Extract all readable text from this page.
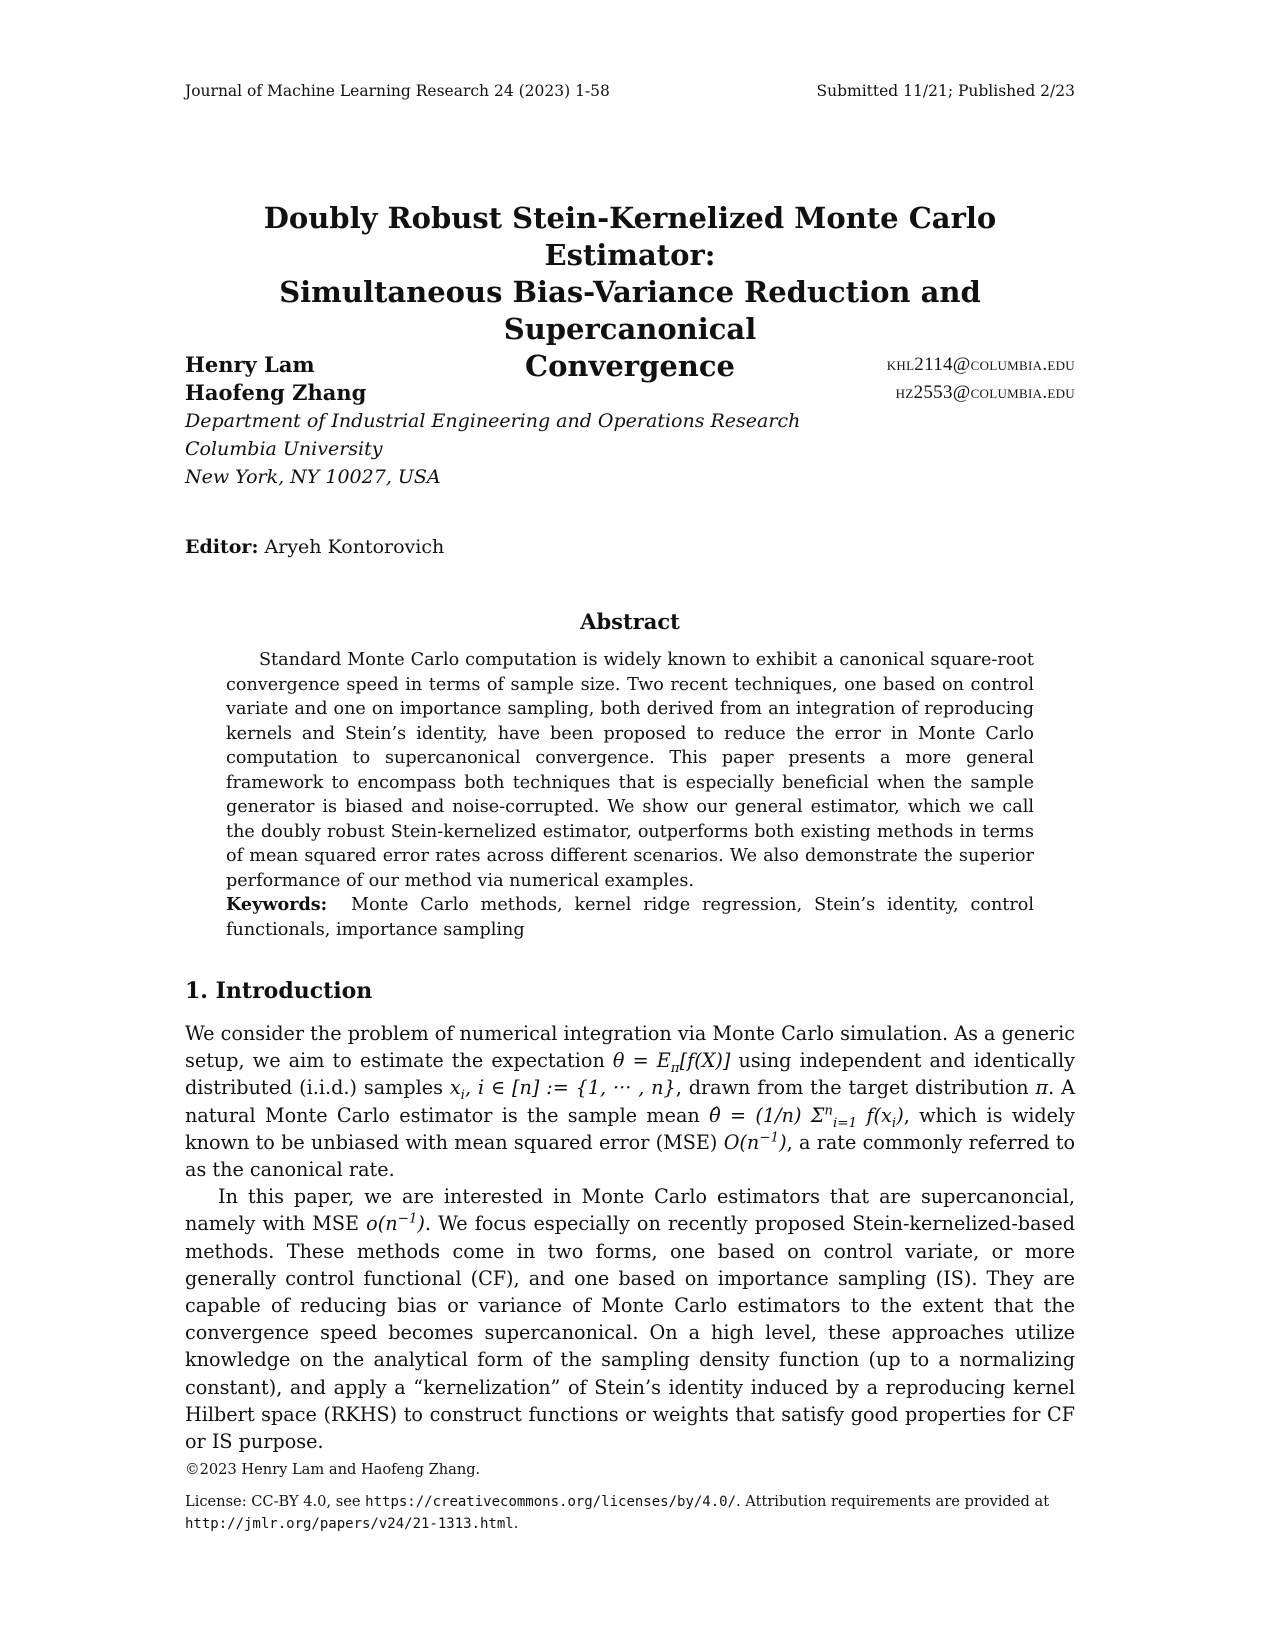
Journal of Machine Learning Research 24 (2023) 1-58	Submitted 11/21; Published 2/23
Doubly Robust Stein-Kernelized Monte Carlo Estimator:
Simultaneous Bias-Variance Reduction and Supercanonical
Convergence
Henry Lam	khl2114@columbia.edu
Haofeng Zhang	hz2553@columbia.edu
Department of Industrial Engineering and Operations Research
Columbia University
New York, NY 10027, USA
Editor: Aryeh Kontorovich
Abstract

Standard Monte Carlo computation is widely known to exhibit a canonical square-root convergence speed in terms of sample size. Two recent techniques, one based on control variate and one on importance sampling, both derived from an integration of reproducing kernels and Stein’s identity, have been proposed to reduce the error in Monte Carlo computation to supercanonical convergence. This paper presents a more general framework to encompass both techniques that is especially beneficial when the sample generator is biased and noise-corrupted. We show our general estimator, which we call the doubly robust Stein-kernelized estimator, outperforms both existing methods in terms of mean squared error rates across different scenarios. We also demonstrate the superior performance of our method via numerical examples.

Keywords: Monte Carlo methods, kernel ridge regression, Stein’s identity, control functionals, importance sampling

1. Introduction

We consider the problem of numerical integration via Monte Carlo simulation. As a generic setup, we aim to estimate the expectation $\theta = E_\pi[f(X)]$ using independent and identically distributed (i.i.d.) samples $x_i$, i ∈ [n] := {1, ··· , n}, drawn from the target distribution π. A natural Monte Carlo estimator is the sample mean θ̂ = (1/n) $\Sigma^n_{i=1}$ $f(x_i)$, which is widely known to be unbiased with mean squared error (MSE) $O(n^{-1})$, a rate commonly referred to as the canonical rate.

In this paper, we are interested in Monte Carlo estimators that are supercanoncial, namely with MSE $o(n^{-1})$. We focus especially on recently proposed Stein-kernelized-based methods. These methods come in two forms, one based on control variate, or more generally control functional (CF), and one based on importance sampling (IS). They are capable of reducing bias or variance of Monte Carlo estimators to the extent that the convergence speed becomes supercanonical. On a high level, these approaches utilize knowledge on the analytical form of the sampling density function (up to a normalizing constant), and apply a “kernelization” of Stein’s identity induced by a reproducing kernel Hilbert space (RKHS) to construct functions or weights that satisfy good properties for CF or IS purpose.

©2023 Henry Lam and Haofeng Zhang.
License: CC-BY 4.0, see https://creativecommons.org/licenses/by/4.0/. Attribution requirements are provided at http://jmlr.org/papers/v24/21-1313.html.
